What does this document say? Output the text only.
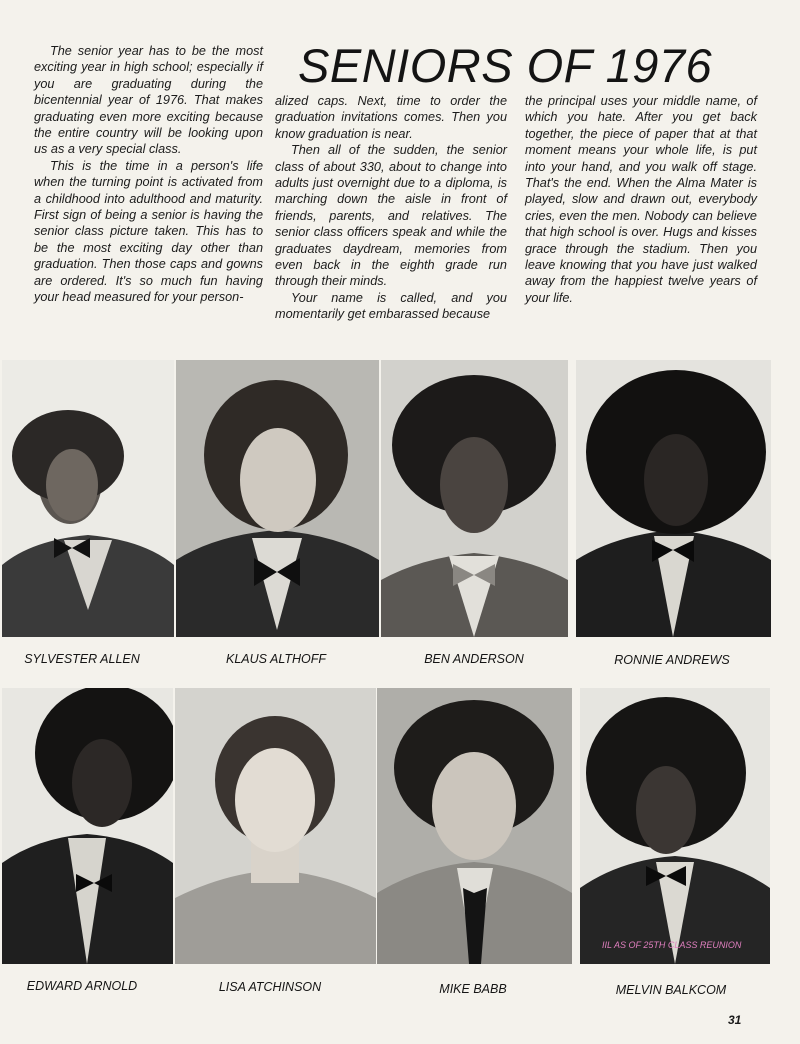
SENIORS OF 1976

The senior year has to be the most exciting year in high school; especially if you are graduating during the bicentennial year of 1976. That makes graduating even more exciting because the entire country will be looking upon us as a very special class.

This is the time in a person's life when the turning point is activated from a childhood into adulthood and maturity. First sign of being a senior is having the senior class picture taken. This has to be the most exciting day other than graduation. Then those caps and gowns are ordered. It's so much fun having your head measured for your person-

alized caps. Next, time to order the graduation invitations comes. Then you know graduation is near.

Then all of the sudden, the senior class of about 330, about to change into adults just overnight due to a diploma, is marching down the aisle in front of friends, parents, and relatives. The senior class officers speak and while the graduates daydream, memories from even back in the eighth grade run through their minds.

Your name is called, and you momentarily get embarassed because

the principal uses your middle name, of which you hate. After you get back together, the piece of paper that at that moment means your whole life, is put into your hand, and you walk off stage. That's the end. When the Alma Mater is played, slow and drawn out, everybody cries, even the men. Nobody can believe that high school is over. Hugs and kisses grace through the stadium. Then you leave knowing that you have just walked away from the happiest twelve years of your life.

SYLVESTER ALLEN	KLAUS ALTHOFF	BEN ANDERSON	RONNIE ANDREWS
EDWARD ARNOLD	LISA ATCHINSON	MIKE BABB	MELVIN BALKCOM
IIL AS OF 25TH CLASS REUNION
31
